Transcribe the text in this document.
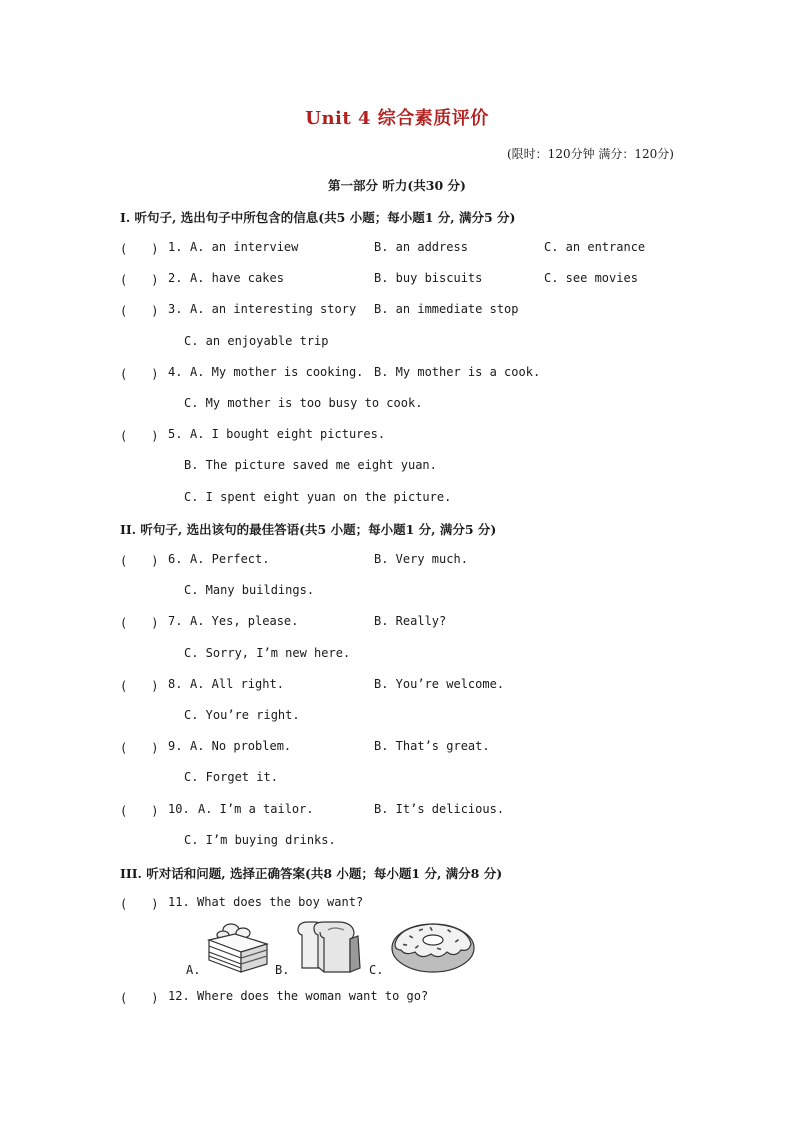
Unit 4 综合素质评价
(限时：120分钟 满分：120分)
第一部分 听力(共30 分)
I. 听句子, 选出句子中所包含的信息(共5 小题；每小题1 分, 满分5 分)
(　　) 1. A. an interview	B. an address	C. an entrance
(　　) 2. A. have cakes	B. buy biscuits	C. see movies
(　　) 3. A. an interesting story B. an immediate stop
C. an enjoyable trip
(　　) 4. A. My mother is cooking. B. My mother is a cook.
C. My mother is too busy to cook.
(　　) 5. A. I bought eight pictures.
B. The picture saved me eight yuan.
C. I spent eight yuan on the picture.
II. 听句子, 选出该句的最佳答语(共5 小题；每小题1 分, 满分5 分)
(　　) 6. A. Perfect.	B. Very much.
C. Many buildings.
(　　) 7. A. Yes, please.	B. Really?
C. Sorry, I’m new here.
(　　) 8. A. All right.	B. You’re welcome.
C. You’re right.
(　　) 9. A. No problem.	B. That’s great.
C. Forget it.
(　　) 10. A. I’m a tailor.	B. It’s delicious.
C. I’m buying drinks.
III. 听对话和问题, 选择正确答案(共8 小题；每小题1 分, 满分8 分)
(　　) 11. What does the boy want?
A.	B.	C.
(　　) 12. Where does the woman want to go?
